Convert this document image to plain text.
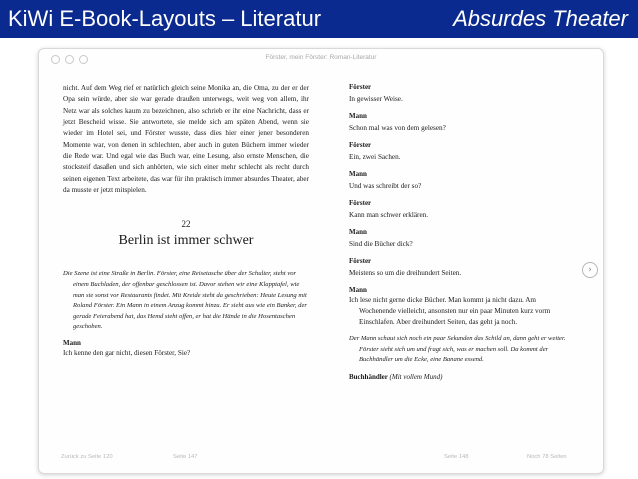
KiWi E-Book-Layouts – Literatur	Absurdes Theater
Förster, mein Förster: Roman-Literatur

nicht. Auf dem Weg rief er natürlich gleich seine Monika an, die Oma, zu der er der Opa sein würde, aber sie war gerade draußen unterwegs, weit weg von allem, ihr Netz war als solches kaum zu bezeichnen, also schrieb er ihr eine Nachricht, dass er jetzt Bescheid wisse. Sie antwortete, sie melde sich am späten Abend, wenn sie wieder im Hotel sei, und Förster wusste, dass dies hier einer jener besonderen Momente war, von denen in schlechten, aber auch in guten Büchern immer wieder die Rede war. Und egal wie das Buch war, eine Lesung, also ernste Menschen, die stocksteif dasaßen und sich anhörten, wie sich einer mehr schlecht als recht durch seinen eigenen Text arbeitete, das war für ihn praktisch immer absurdes Theater, aber da musste er jetzt mitspielen.

22
Berlin ist immer schwer
Die Szene ist eine Straße in Berlin. Förster, eine Reisetasche über der Schulter, steht vor einem Buchladen, der offenbar geschlossen ist. Davor stehen wir eine Klapptafel, wie man sie sonst vor Restaurants findet. Mit Kreide steht da geschrieben: Heute Lesung mit Roland Förster. Ein Mann in einem Anzug kommt hinzu. Er sieht aus wie ein Banker, der gerade Feierabend hat, das Hemd steht offen, er hat die Hände in die Hosentaschen geschoben.
Mann
Ich kenne den gar nicht, diesen Förster, Sie?
Förster
In gewisser Weise.
Mann
Schon mal was von dem gelesen?
Förster
Ein, zwei Sachen.
Mann
Und was schreibt der so?
Förster
Kann man schwer erklären.
Mann
Sind die Bücher dick?
Förster
Meistens so um die dreihundert Seiten.
Mann
Ich lese nicht gerne dicke Bücher. Man kommt ja nicht dazu. Am Wochenende vielleicht, ansonsten nur ein paar Minuten kurz vorm Einschlafen. Aber dreihundert Seiten, das geht ja noch.
Der Mann schaut sich noch ein paar Sekunden das Schild an, dann geht er weiter. Förster sieht sich um und fragt sich, was er machen soll. Da kommt der Buchhändler um die Ecke, eine Banane essend.
Buchhändler (Mit vollem Mund)
Zurück zu Seite 120	Seite 147	Seite 148	Noch 78 Seiten
›
